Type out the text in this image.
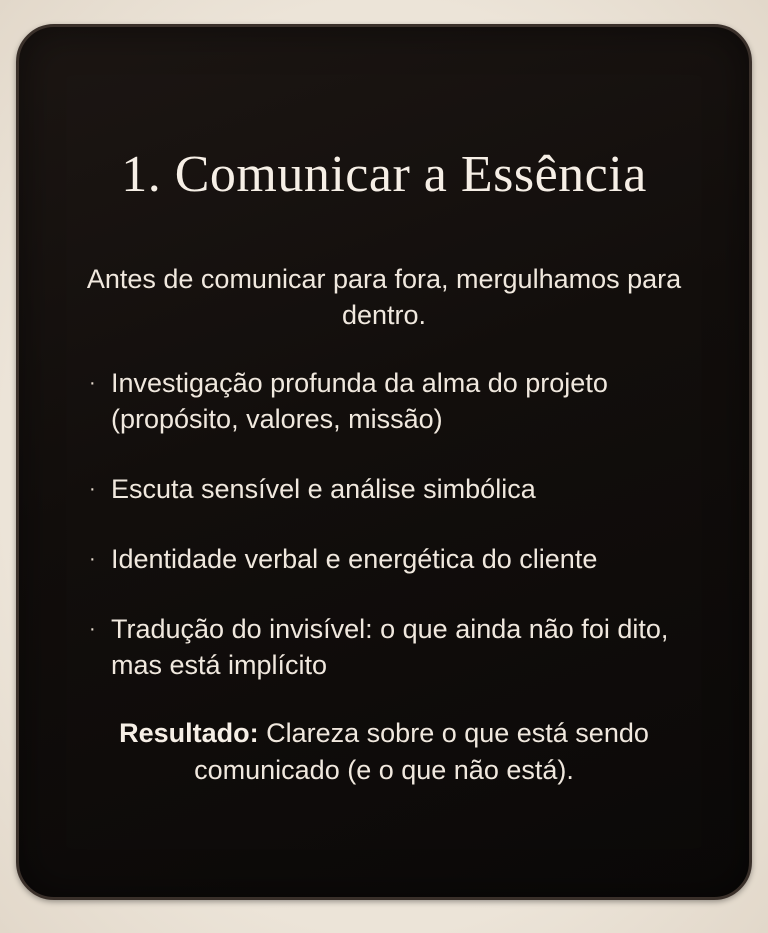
1. Comunicar a Essência

Antes de comunicar para fora, mergulhamos para dentro.

· Investigação profunda da alma do projeto (propósito, valores, missão)
· Escuta sensível e análise simbólica
· Identidade verbal e energética do cliente
· Tradução do invisível: o que ainda não foi dito, mas está implícito

Resultado: Clareza sobre o que está sendo comunicado (e o que não está).
